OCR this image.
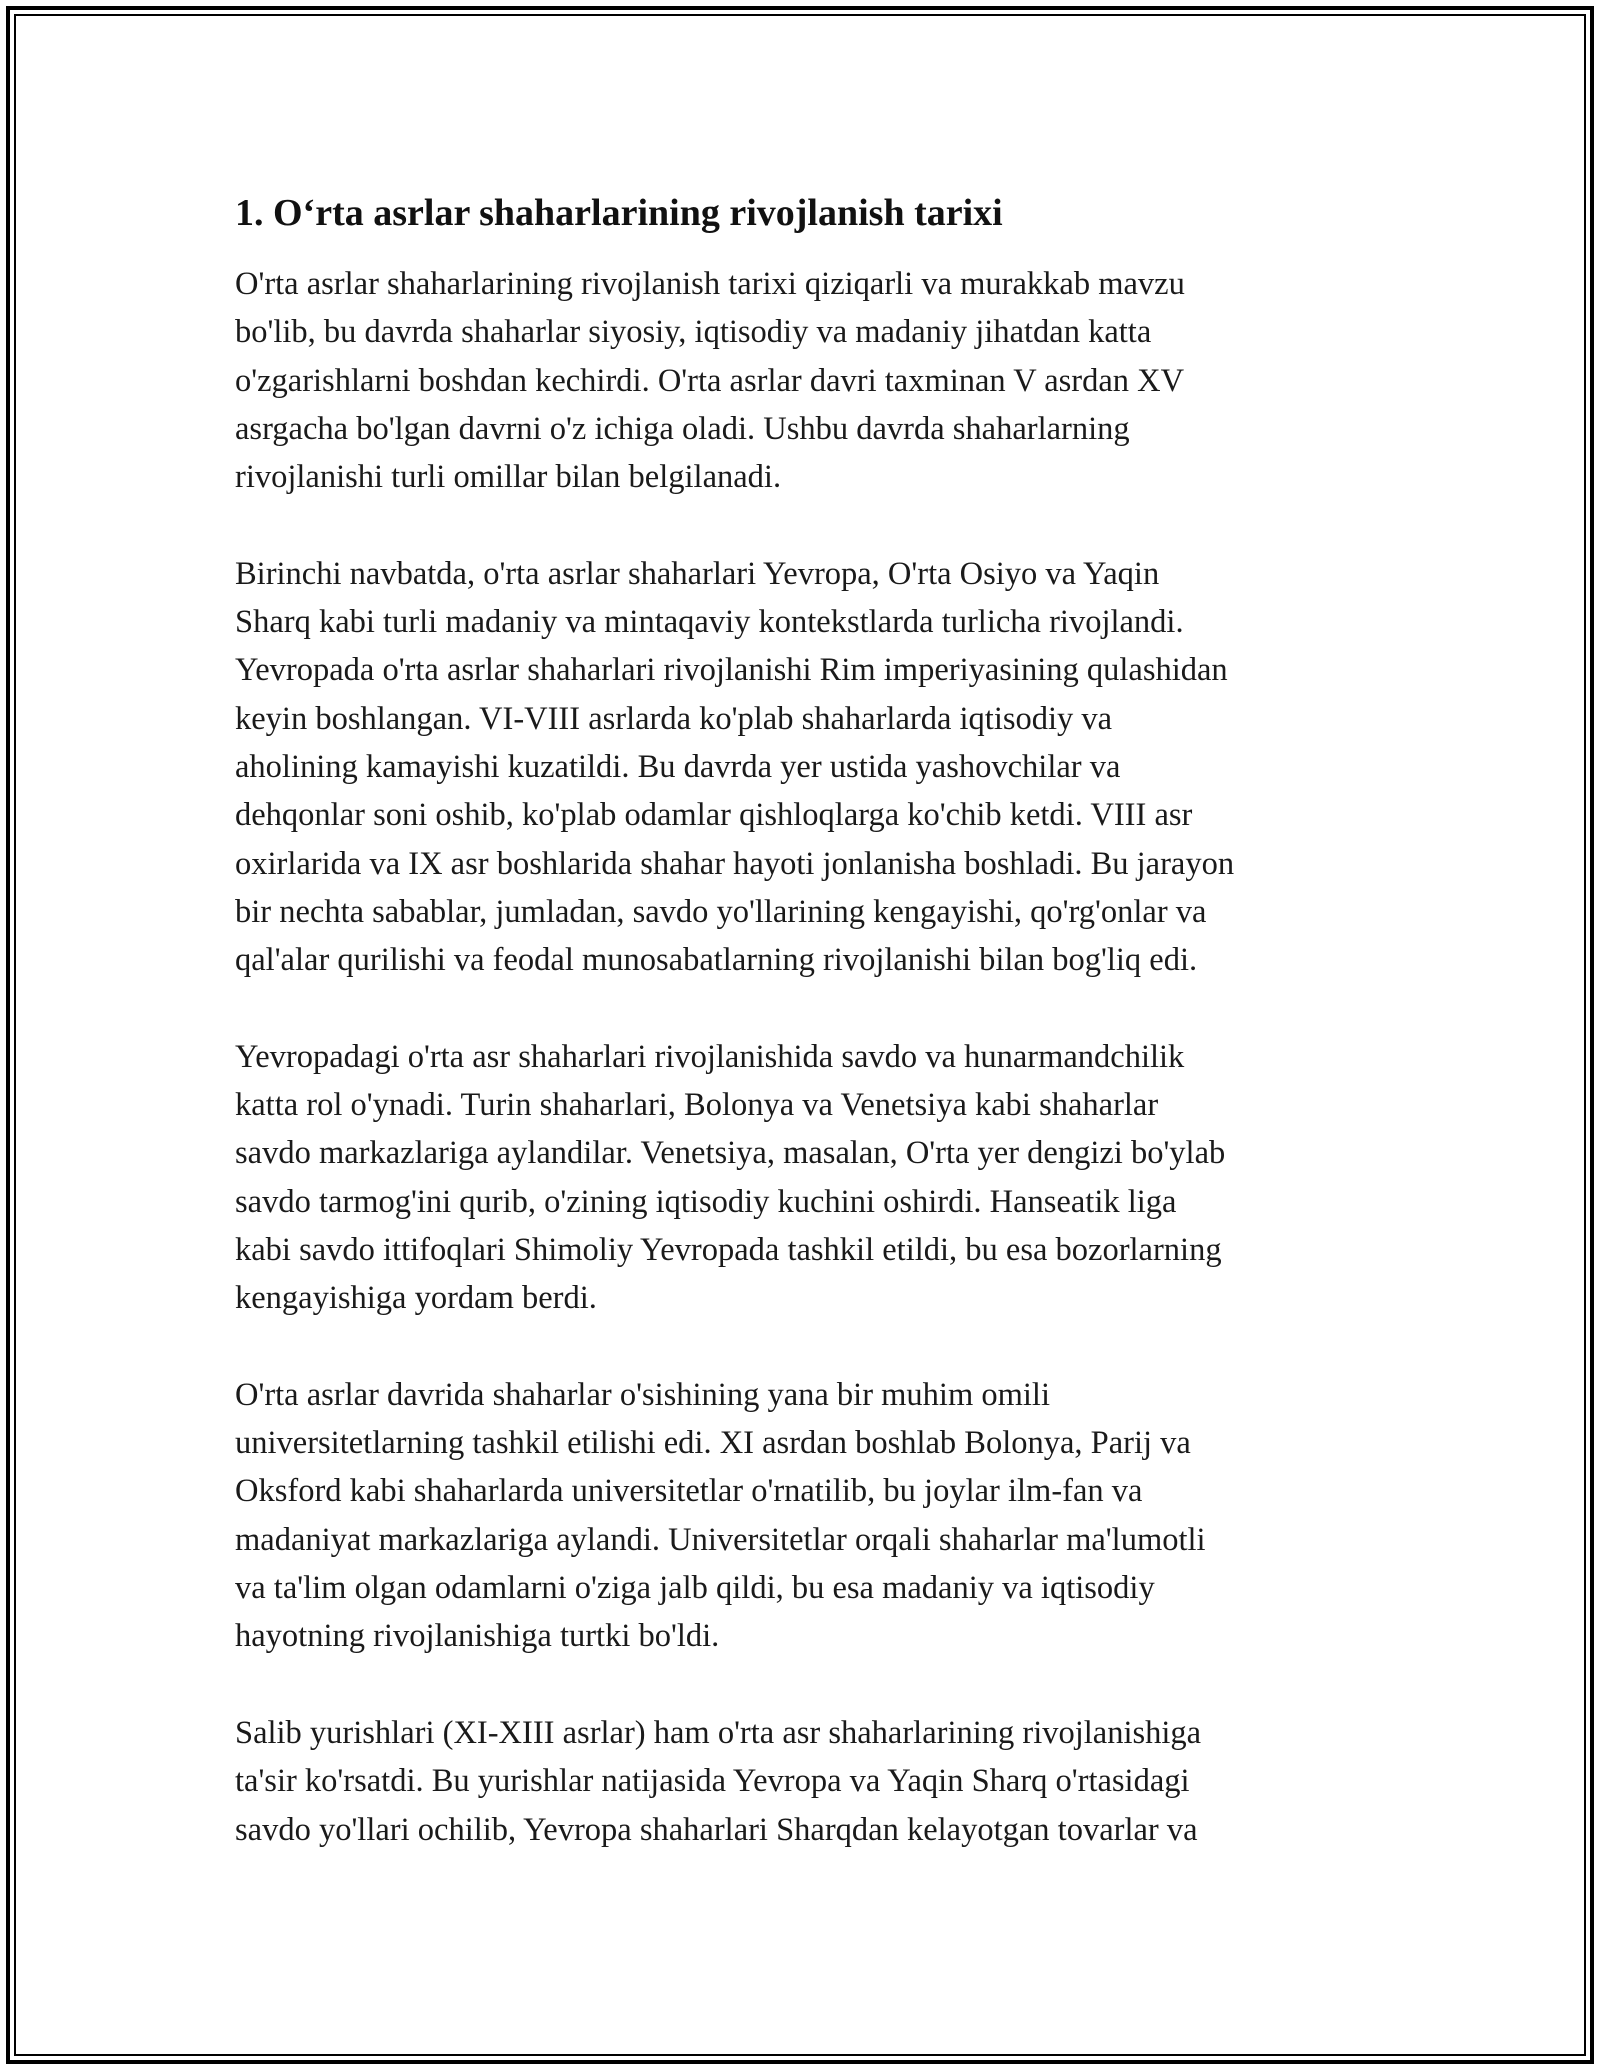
1. O‘rta asrlar shaharlarining rivojlanish tarixi

O'rta asrlar shaharlarining rivojlanish tarixi qiziqarli va murakkab mavzu
bo'lib, bu davrda shaharlar siyosiy, iqtisodiy va madaniy jihatdan katta
o'zgarishlarni boshdan kechirdi. O'rta asrlar davri taxminan V asrdan XV
asrgacha bo'lgan davrni o'z ichiga oladi. Ushbu davrda shaharlarning
rivojlanishi turli omillar bilan belgilanadi.

Birinchi navbatda, o'rta asrlar shaharlari Yevropa, O'rta Osiyo va Yaqin
Sharq kabi turli madaniy va mintaqaviy kontekstlarda turlicha rivojlandi.
Yevropada o'rta asrlar shaharlari rivojlanishi Rim imperiyasining qulashidan
keyin boshlangan. VI-VIII asrlarda ko'plab shaharlarda iqtisodiy va
aholining kamayishi kuzatildi. Bu davrda yer ustida yashovchilar va
dehqonlar soni oshib, ko'plab odamlar qishloqlarga ko'chib ketdi. VIII asr
oxirlarida va IX asr boshlarida shahar hayoti jonlanisha boshladi. Bu jarayon
bir nechta sabablar, jumladan, savdo yo'llarining kengayishi, qo'rg'onlar va
qal'alar qurilishi va feodal munosabatlarning rivojlanishi bilan bog'liq edi.

Yevropadagi o'rta asr shaharlari rivojlanishida savdo va hunarmandchilik
katta rol o'ynadi. Turin shaharlari, Bolonya va Venetsiya kabi shaharlar
savdo markazlariga aylandilar. Venetsiya, masalan, O'rta yer dengizi bo'ylab
savdo tarmog'ini qurib, o'zining iqtisodiy kuchini oshirdi. Hanseatik liga
kabi savdo ittifoqlari Shimoliy Yevropada tashkil etildi, bu esa bozorlarning
kengayishiga yordam berdi.

O'rta asrlar davrida shaharlar o'sishining yana bir muhim omili
universitetlarning tashkil etilishi edi. XI asrdan boshlab Bolonya, Parij va
Oksford kabi shaharlarda universitetlar o'rnatilib, bu joylar ilm-fan va
madaniyat markazlariga aylandi. Universitetlar orqali shaharlar ma'lumotli
va ta'lim olgan odamlarni o'ziga jalb qildi, bu esa madaniy va iqtisodiy
hayotning rivojlanishiga turtki bo'ldi.

Salib yurishlari (XI-XIII asrlar) ham o'rta asr shaharlarining rivojlanishiga
ta'sir ko'rsatdi. Bu yurishlar natijasida Yevropa va Yaqin Sharq o'rtasidagi
savdo yo'llari ochilib, Yevropa shaharlari Sharqdan kelayotgan tovarlar va
